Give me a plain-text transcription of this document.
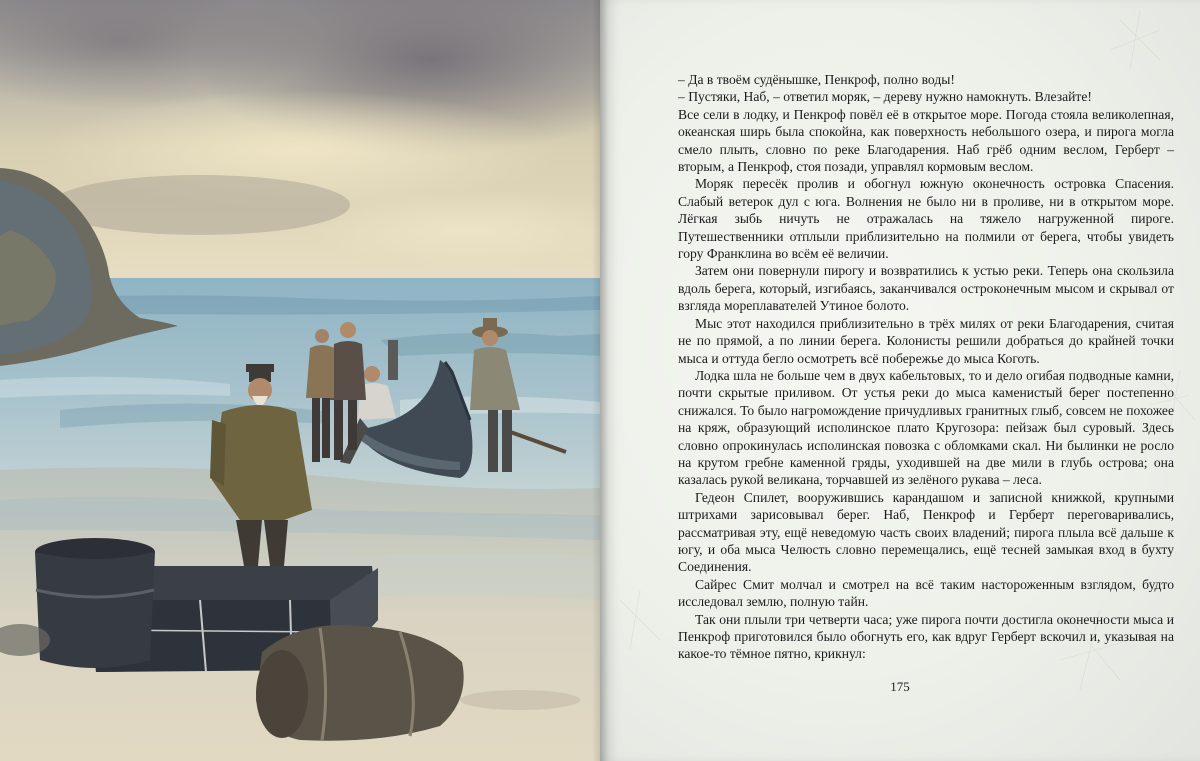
– Да в твоём судёнышке, Пенкроф, полно воды!

– Пустяки, Наб, – ответил моряк, – дереву нужно намокнуть. Влезайте!

Все сели в лодку, и Пенкроф повёл её в открытое море. Погода стояла великолепная, океанская ширь была спокойна, как поверхность небольшого озера, и пирога могла смело плыть, словно по реке Благодарения. Наб грёб одним веслом, Герберт – вторым, а Пенкроф, стоя позади, управлял кормовым веслом.

Моряк пересёк пролив и обогнул южную оконечность островка Спасения. Слабый ветерок дул с юга. Волнения не было ни в проливе, ни в открытом море. Лёгкая зыбь ничуть не отражалась на тяжело нагруженной пироге. Путешественники отплыли приблизительно на полмили от берега, чтобы увидеть гору Франклина во всём её величии.

Затем они повернули пирогу и возвратились к устью реки. Теперь она скользила вдоль берега, который, изгибаясь, заканчивался остроконечным мысом и скрывал от взгляда мореплавателей Утиное болото.

Мыс этот находился приблизительно в трёх милях от реки Благодарения, считая не по прямой, а по линии берега. Колонисты решили добраться до крайней точки мыса и оттуда бегло осмотреть всё побережье до мыса Коготь.

Лодка шла не больше чем в двух кабельтовых, то и дело огибая подводные камни, почти скрытые приливом. От устья реки до мыса каменистый берег постепенно снижался. То было нагромождение причудливых гранитных глыб, совсем не похожее на кряж, образующий исполинское плато Кругозора: пейзаж был суровый. Здесь словно опрокинулась исполинская повозка с обломками скал. Ни былинки не росло на крутом гребне каменной гряды, уходившей на две мили в глубь острова; она казалась рукой великана, торчавшей из зелёного рукава – леса.

Гедеон Спилет, вооружившись карандашом и записной книжкой, крупными штрихами зарисовывал берег. Наб, Пенкроф и Герберт переговаривались, рассматривая эту, ещё неведомую часть своих владений; пирога плыла всё дальше к югу, и оба мыса Челюсть словно перемещались, ещё тесней замыкая вход в бухту Соединения.

Сайрес Смит молчал и смотрел на всё таким настороженным взглядом, будто исследовал землю, полную тайн.

Так они плыли три четверти часа; уже пирога почти достигла оконечности мыса и Пенкроф приготовился было обогнуть его, как вдруг Герберт вскочил и, указывая на какое-то тёмное пятно, крикнул:

175
